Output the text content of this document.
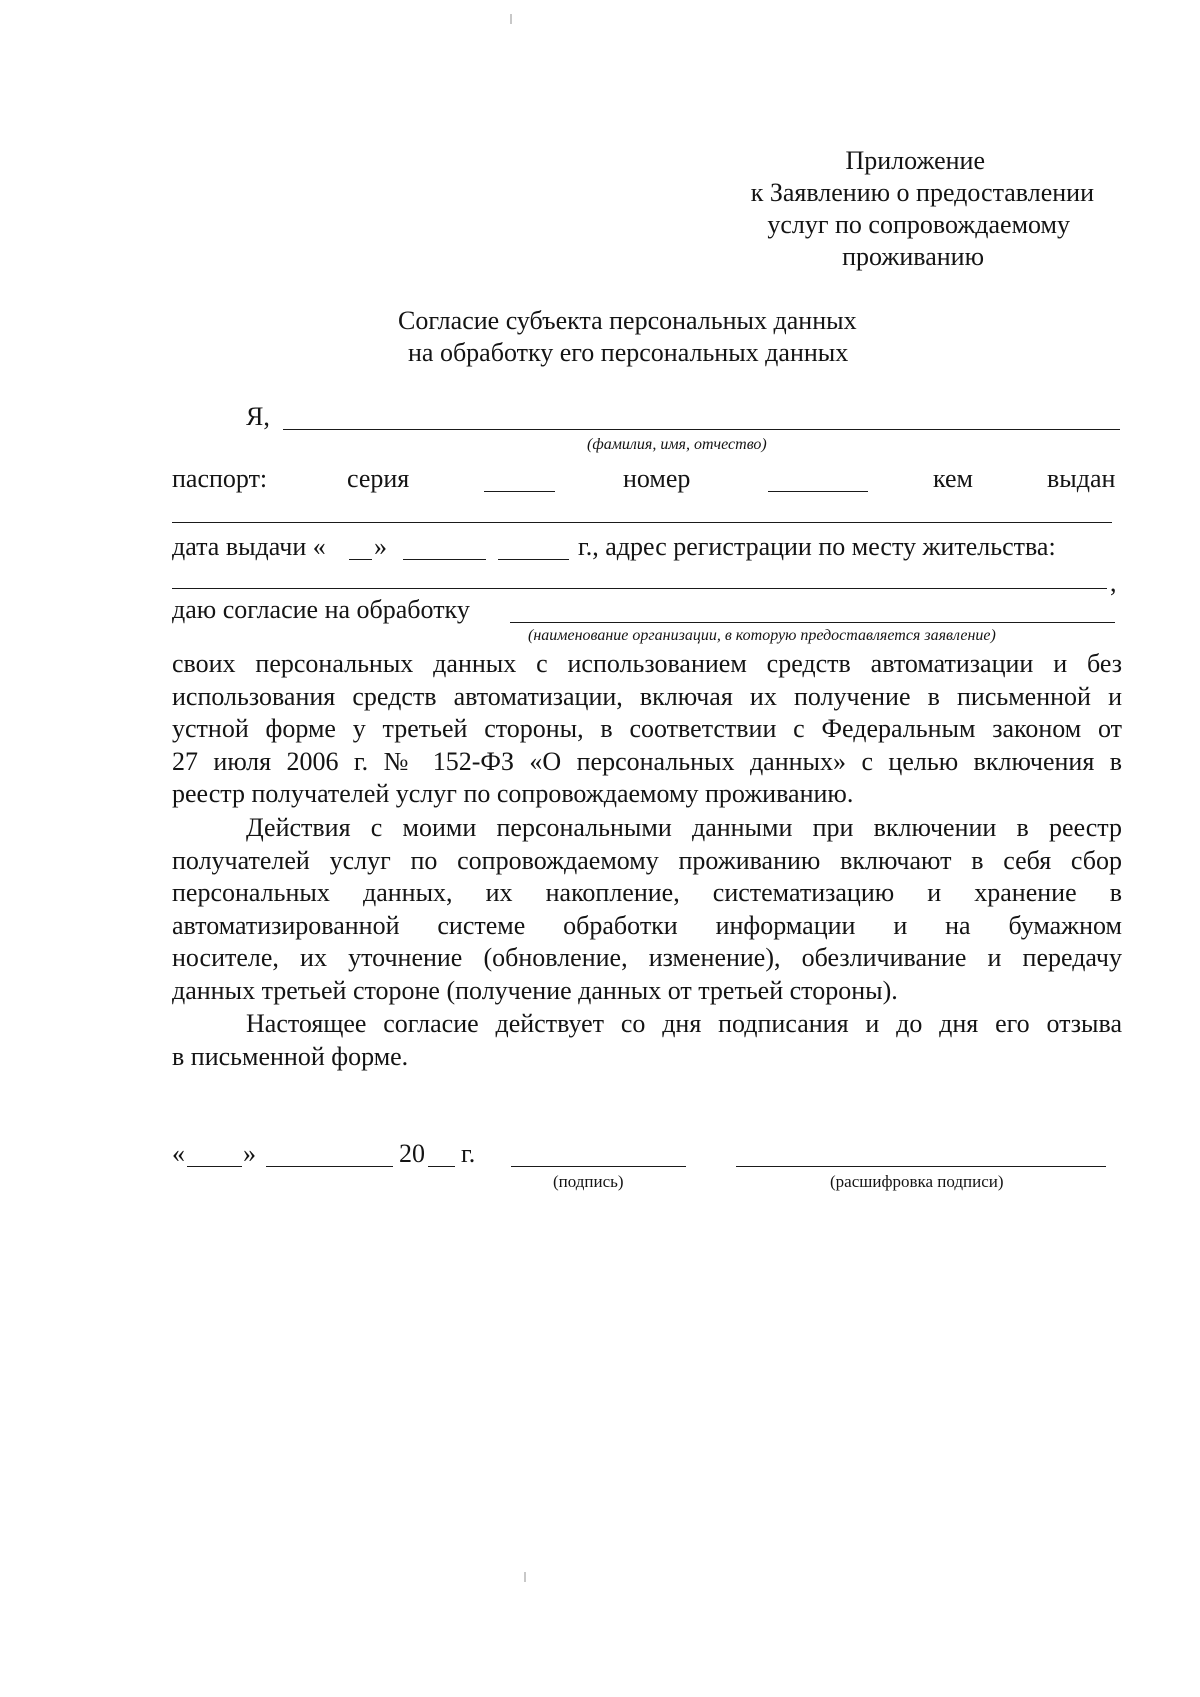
Приложение
к Заявлению о предоставлении
услуг по сопровождаемому
проживанию
Согласие субъекта персональных данных
на обработку его персональных данных
Я,
(фамилия, имя, отчество)
паспорт:	серия	номер	кем	выдан
дата выдачи « »	г., адрес регистрации по месту жительства:
,
даю согласие на обработку
(наименование организации, в которую предоставляется заявление)
своих персональных данных с использованием средств автоматизации и без
использования средств автоматизации, включая их получение в письменной и
устной форме у третьей стороны, в соответствии с Федеральным законом от
27 июля 2006 г. № 152-ФЗ «О персональных данных» с целью включения в
реестр получателей услуг по сопровождаемому проживанию.
Действия с моими персональными данными при включении в реестр
получателей услуг по сопровождаемому проживанию включают в себя сбор
персональных данных, их накопление, систематизацию и хранение в
автоматизированной системе обработки информации и на бумажном
носителе, их уточнение (обновление, изменение), обезличивание и передачу
данных третьей стороне (получение данных от третьей стороны).
Настоящее согласие действует со дня подписания и до дня его отзыва
в письменной форме.
« »	20 г.
(подпись)	(расшифровка подписи)
